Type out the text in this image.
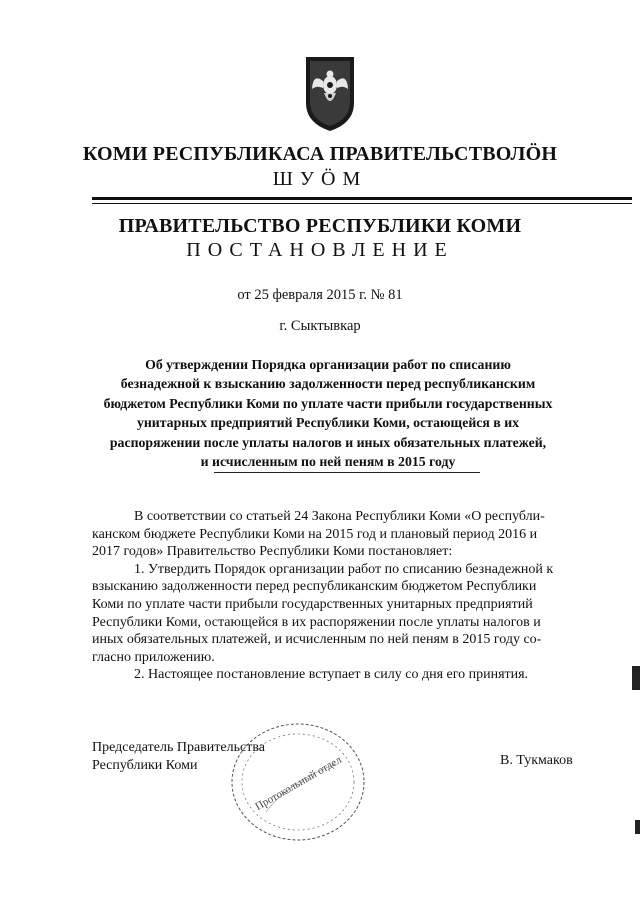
КОМИ РЕСПУБЛИКАСА ПРАВИТЕЛЬСТВОЛÖН
ШУÖМ
ПРАВИТЕЛЬСТВО РЕСПУБЛИКИ КОМИ
ПОСТАНОВЛЕНИЕ
от 25 февраля 2015 г. № 81
г. Сыктывкар
Об утверждении Порядка организации работ по списанию
безнадежной к взысканию задолженности перед республиканским
бюджетом Республики Коми по уплате части прибыли государственных
унитарных предприятий Республики Коми, остающейся в их
распоряжении после уплаты налогов и иных обязательных платежей,
и исчисленным по ней пеням в 2015 году
В соответствии со статьей 24 Закона Республики Коми «О республи-
канском бюджете Республики Коми на 2015 год и плановый период 2016 и
2017 годов» Правительство Республики Коми постановляет:
1. Утвердить Порядок организации работ по списанию безнадежной к
взысканию задолженности перед республиканским бюджетом Республики
Коми по уплате части прибыли государственных унитарных предприятий
Республики Коми, остающейся в их распоряжении после уплаты налогов и
иных обязательных платежей, и исчисленным по ней пеням в 2015 году со-
гласно приложению.
2. Настоящее постановление вступает в силу со дня его принятия.
Протокольный отдел
Председатель Правительства
Республики Коми	В. Тукмаков
